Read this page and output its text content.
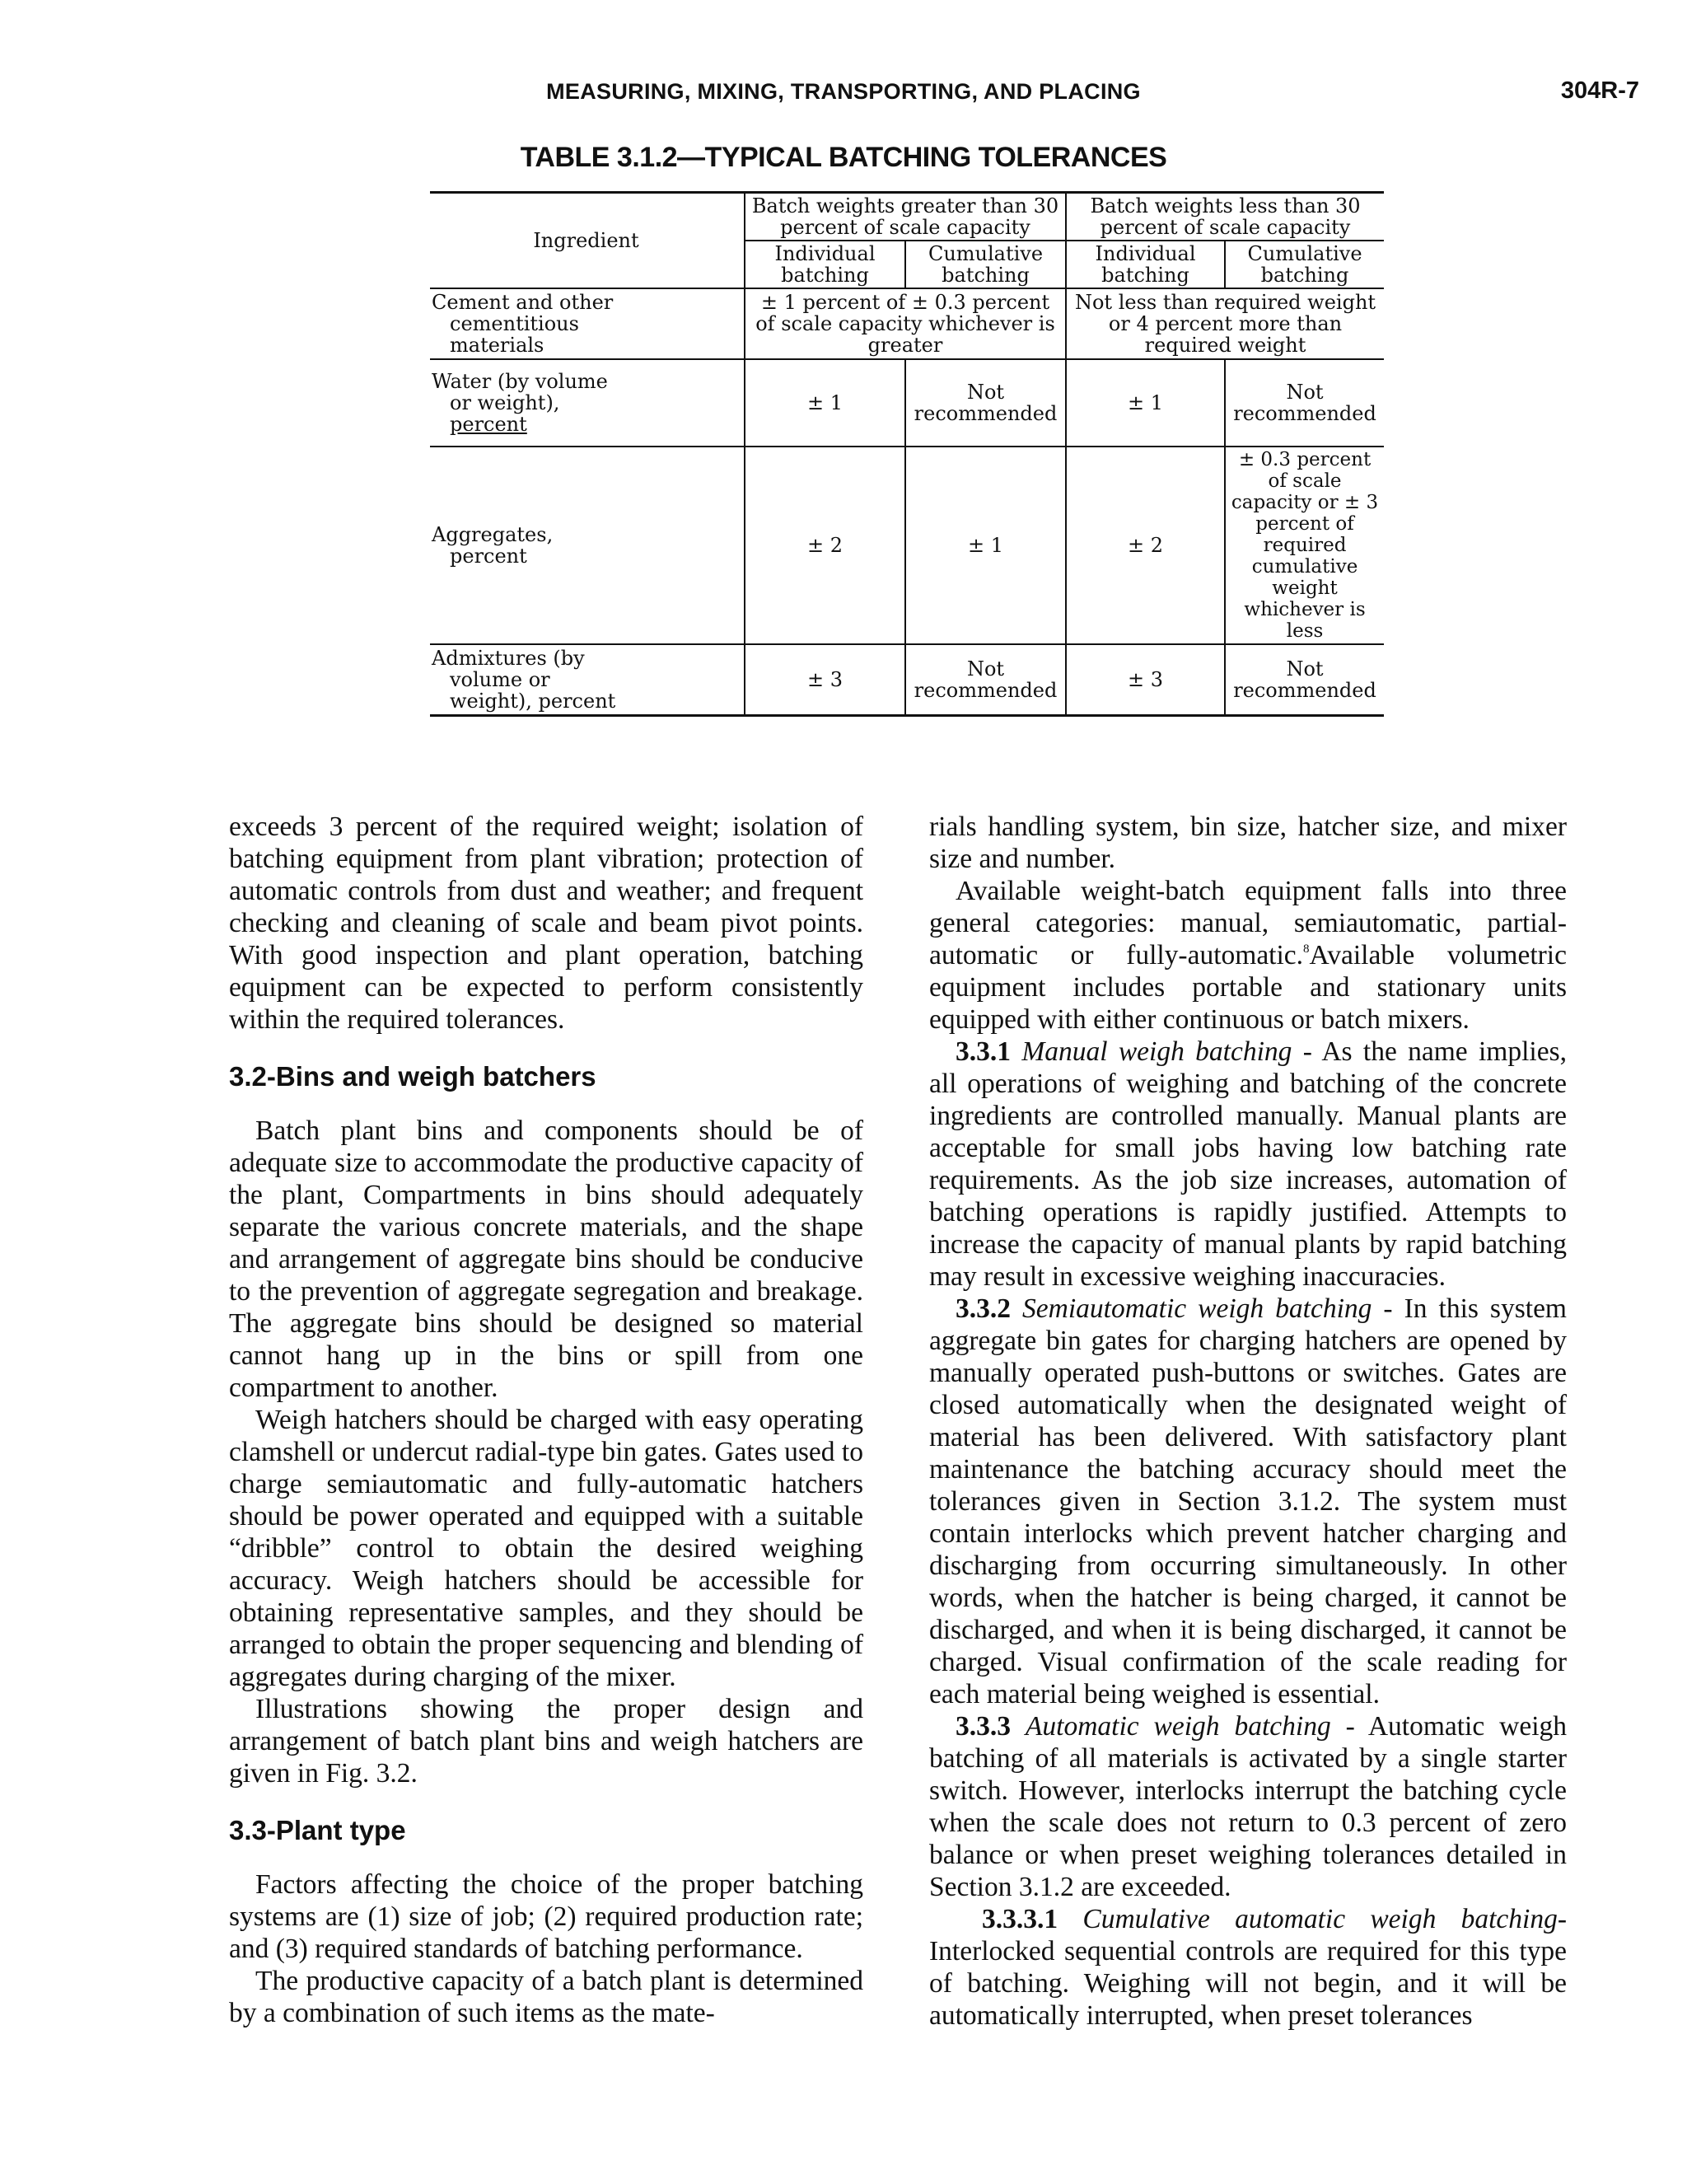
MEASURING, MIXING, TRANSPORTING, AND PLACING	304R-7
TABLE 3.1.2—TYPICAL BATCHING TOLERANCES
Ingredient	Batch weights greater than 30 percent of scale capacity		Batch weights less than 30 percent of scale capacity	
	Individual batching	Cumulative batching	Individual batching	Cumulative batching
Cement and other
cementitious
materials	± 1 percent of ± 0.3 percent of scale capacity whichever is greater		Not less than required weight or 4 percent more than required weight	
Water (by volume
or weight),
percent	± 1	Not recommended	± 1	Not recommended
Aggregates,
percent	± 2	± 1	± 2	± 0.3 percent of scale capacity or ± 3 percent of required cumulative weight whichever is less
Admixtures (by
volume or
weight), percent	± 3	Not recommended	± 3	Not recommended

exceeds 3 percent of the required weight; isolation of batching equipment from plant vibration; protection of automatic controls from dust and weather; and frequent checking and cleaning of scale and beam pivot points. With good inspection and plant operation, batching equipment can be expected to perform consistently within the required tolerances.

3.2-Bins and weigh batchers

Batch plant bins and components should be of adequate size to accommodate the productive capacity of the plant, Compartments in bins should adequately separate the various concrete materials, and the shape and arrangement of aggregate bins should be conducive to the prevention of aggregate segregation and breakage. The aggregate bins should be designed so material cannot hang up in the bins or spill from one compartment to another.

Weigh hatchers should be charged with easy operating clamshell or undercut radial-type bin gates. Gates used to charge semiautomatic and fully-automatic hatchers should be power operated and equipped with a suitable “dribble” control to obtain the desired weighing accuracy. Weigh hatchers should be accessible for obtaining representative samples, and they should be arranged to obtain the proper sequencing and blending of aggregates during charging of the mixer.

Illustrations showing the proper design and arrangement of batch plant bins and weigh hatchers are given in Fig. 3.2.

3.3-Plant type

Factors affecting the choice of the proper batching systems are (1) size of job; (2) required production rate; and (3) required standards of batching performance.

The productive capacity of a batch plant is determined by a combination of such items as the mate-

rials handling system, bin size, hatcher size, and mixer size and number.

Available weight-batch equipment falls into three general categories: manual, semiautomatic, partial-automatic or fully-automatic.$^8$Available volumetric equipment includes portable and stationary units equipped with either continuous or batch mixers.

3.3.1 Manual weigh batching - As the name implies, all operations of weighing and batching of the concrete ingredients are controlled manually. Manual plants are acceptable for small jobs having low batching rate requirements. As the job size increases, automation of batching operations is rapidly justified. Attempts to increase the capacity of manual plants by rapid batching may result in excessive weighing inaccuracies.

3.3.2 Semiautomatic weigh batching - In this system aggregate bin gates for charging hatchers are opened by manually operated push-buttons or switches. Gates are closed automatically when the designated weight of material has been delivered. With satisfactory plant maintenance the batching accuracy should meet the tolerances given in Section 3.1.2. The system must contain interlocks which prevent hatcher charging and discharging from occurring simultaneously. In other words, when the hatcher is being charged, it cannot be discharged, and when it is being discharged, it cannot be charged. Visual confirmation of the scale reading for each material being weighed is essential.

3.3.3 Automatic weigh batching - Automatic weigh batching of all materials is activated by a single starter switch. However, interlocks interrupt the batching cycle when the scale does not return to 0.3 percent of zero balance or when preset weighing tolerances detailed in Section 3.1.2 are exceeded.

3.3.3.1 Cumulative automatic weigh batching-Interlocked sequential controls are required for this type of batching. Weighing will not begin, and it will be automatically interrupted, when preset tolerances
